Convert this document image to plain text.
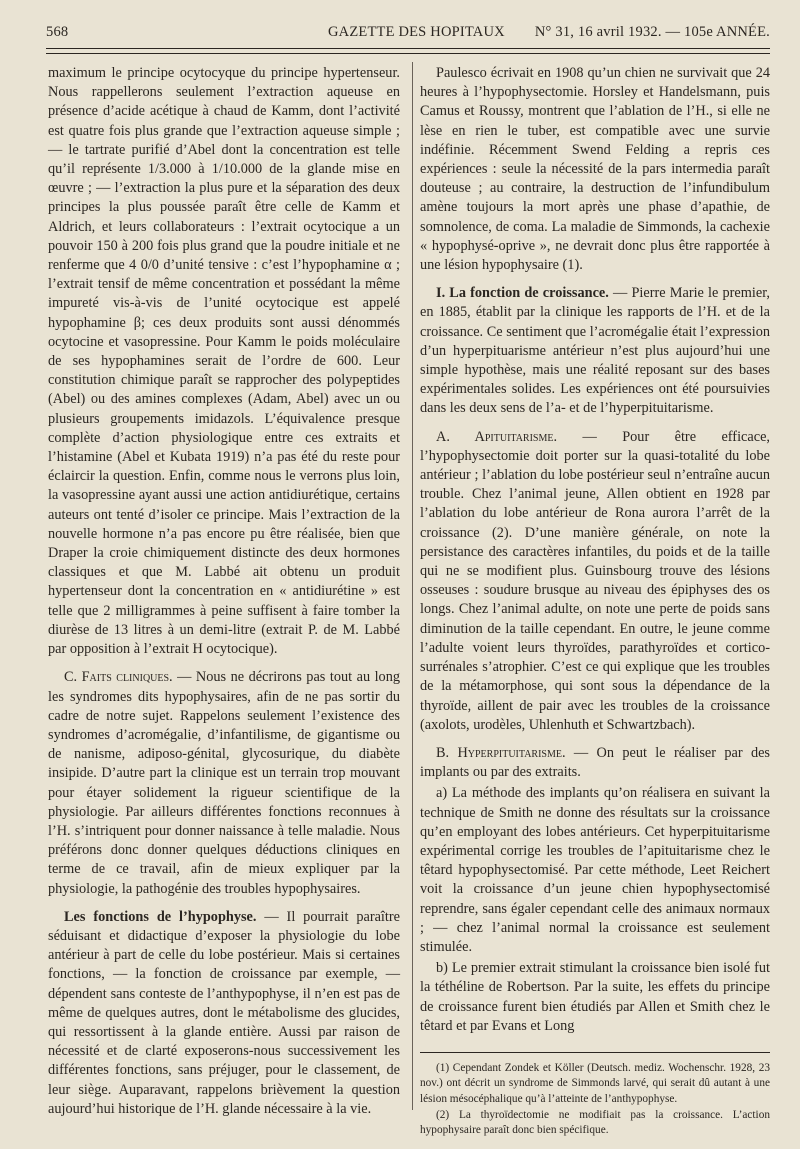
568	GAZETTE DES HOPITAUX N° 31, 16 avril 1932. — 105e ANNÉE.

maximum le principe ocytocyque du principe hypertenseur. Nous rappellerons seulement l’extraction aqueuse en présence d’acide acétique à chaud de Kamm, dont l’activité est quatre fois plus grande que l’extraction aqueuse simple ; — le tartrate purifié d’Abel dont la concentration est telle qu’il représente 1/3.000 à 1/10.000 de la glande mise en œuvre ; — l’extraction la plus pure et la séparation des deux principes la plus poussée paraît être celle de Kamm et Aldrich, et leurs collaborateurs : l’extrait ocytocique a un pouvoir 150 à 200 fois plus grand que la poudre initiale et ne renferme que 4 0/0 d’unité tensive : c’est l’hypophamine α ; l’extrait tensif de même concentration et possédant la même impureté vis-à-vis de l’unité ocytocique est appelé hypophamine β; ces deux produits sont aussi dénommés ocytocine et vasopressine. Pour Kamm le poids moléculaire de ses hypophamines serait de l’ordre de 600. Leur constitution chimique paraît se rapprocher des polypeptides (Abel) ou des amines complexes (Adam, Abel) avec un ou plusieurs groupements imidazols. L’équivalence presque complète d’action physiologique entre ces extraits et l’histamine (Abel et Kubata 1919) n’a pas été du reste pour éclaircir la question. Enfin, comme nous le verrons plus loin, la vasopressine ayant aussi une action antidiurétique, certains auteurs ont tenté d’isoler ce principe. Mais l’extraction de la nouvelle hormone n’a pas encore pu être réalisée, bien que Draper la croie chimiquement distincte des deux hormones classiques et que M. Labbé ait obtenu un produit hypertenseur dont la concentration en « antidiurétine » est telle que 2 milligrammes à peine suffisent à faire tomber la diurèse de 13 litres à un demi-litre (extrait P. de M. Labbé par opposition à l’extrait H ocytocique).

C. Faits cliniques. — Nous ne décrirons pas tout au long les syndromes dits hypophysaires, afin de ne pas sortir du cadre de notre sujet. Rappelons seulement l’existence des syndromes d’acromégalie, d’infantilisme, de gigantisme ou de nanisme, adiposo-génital, glycosurique, du diabète insipide. D’autre part la clinique est un terrain trop mouvant pour étayer solidement la rigueur scientifique de la physiologie. Par ailleurs différentes fonctions reconnues à l’H. s’intriquent pour donner naissance à telle maladie. Nous préférons donc donner quelques déductions cliniques en terme de ce travail, afin de mieux expliquer par la physiologie, la pathogénie des troubles hypophysaires.

Les fonctions de l’hypophyse. — Il pourrait paraître séduisant et didactique d’exposer la physiologie du lobe antérieur à part de celle du lobe postérieur. Mais si certaines fonctions, — la fonction de croissance par exemple, — dépendent sans conteste de l’anthypophyse, il n’en est pas de même de quelques autres, dont le métabolisme des glucides, qui ressortissent à la glande entière. Aussi par raison de nécessité et de clarté exposerons-nous successivement les différentes fonctions, sans préjuger, pour le classement, de leur siège. Auparavant, rappelons brièvement la question aujourd’hui historique de l’H. glande nécessaire à la vie.

Paulesco écrivait en 1908 qu’un chien ne survivait que 24 heures à l’hypophysectomie. Horsley et Handelsmann, puis Camus et Roussy, montrent que l’ablation de l’H., si elle ne lèse en rien le tuber, est compatible avec une survie indéfinie. Récemment Swend Felding a repris ces expériences : seule la nécessité de la pars intermedia paraît douteuse ; au contraire, la destruction de l’infundibulum amène toujours la mort après une phase d’apathie, de somnolence, de coma. La maladie de Simmonds, la cachexie « hypophysé-oprive », ne devrait donc plus être rapportée à une lésion hypophysaire (1).

I. La fonction de croissance. — Pierre Marie le premier, en 1885, établit par la clinique les rapports de l’H. et de la croissance. Ce sentiment que l’acromégalie était l’expression d’un hyperpituarisme antérieur n’est plus aujourd’hui une simple hypothèse, mais une réalité reposant sur des bases expérimentales solides. Les expériences ont été poursuivies dans les deux sens de l’a- et de l’hyperpituitarisme.

A. Apituitarisme. — Pour être efficace, l’hypophysectomie doit porter sur la quasi-totalité du lobe antérieur ; l’ablation du lobe postérieur seul n’entraîne aucun trouble. Chez l’animal jeune, Allen obtient en 1928 par l’ablation du lobe antérieur de Rona aurora l’arrêt de la croissance (2). D’une manière générale, on note la persistance des caractères infantiles, du poids et de la taille qui ne se modifient plus. Guinsbourg trouve des lésions osseuses : soudure brusque au niveau des épiphyses des os longs. Chez l’animal adulte, on note une perte de poids sans diminution de la taille cependant. En outre, le jeune comme l’adulte voient leurs thyroïdes, parathyroïdes et cortico-surrénales s’atrophier. C’est ce qui explique que les troubles de la métamorphose, qui sont sous la dépendance de la thyroïde, aillent de pair avec les troubles de la croissance (axolots, urodèles, Uhlenhuth et Schwartzbach).

B. Hyperpituitarisme. — On peut le réaliser par des implants ou par des extraits.

a) La méthode des implants qu’on réalisera en suivant la technique de Smith ne donne des résultats sur la croissance qu’en employant des lobes antérieurs. Cet hyperpituitarisme expérimental corrige les troubles de l’apituitarisme chez le têtard hypophysectomisé. Par cette méthode, Leet Reichert voit la croissance d’un jeune chien hypophysectomisé reprendre, sans égaler cependant celle des animaux normaux ; — chez l’animal normal la croissance est seulement stimulée.

b) Le premier extrait stimulant la croissance bien isolé fut la téthéline de Robertson. Par la suite, les effets du principe de croissance furent bien étudiés par Allen et Smith chez le têtard et par Evans et Long

(1) Cependant Zondek et Köller (Deutsch. mediz. Wochenschr. 1928, 23 nov.) ont décrit un syndrome de Simmonds larvé, qui serait dû autant à une lésion mésocéphalique qu’à l’atteinte de l’anthypophyse.

(2) La thyroïdectomie ne modifiait pas la croissance. L’action hypophysaire paraît donc bien spécifique.
